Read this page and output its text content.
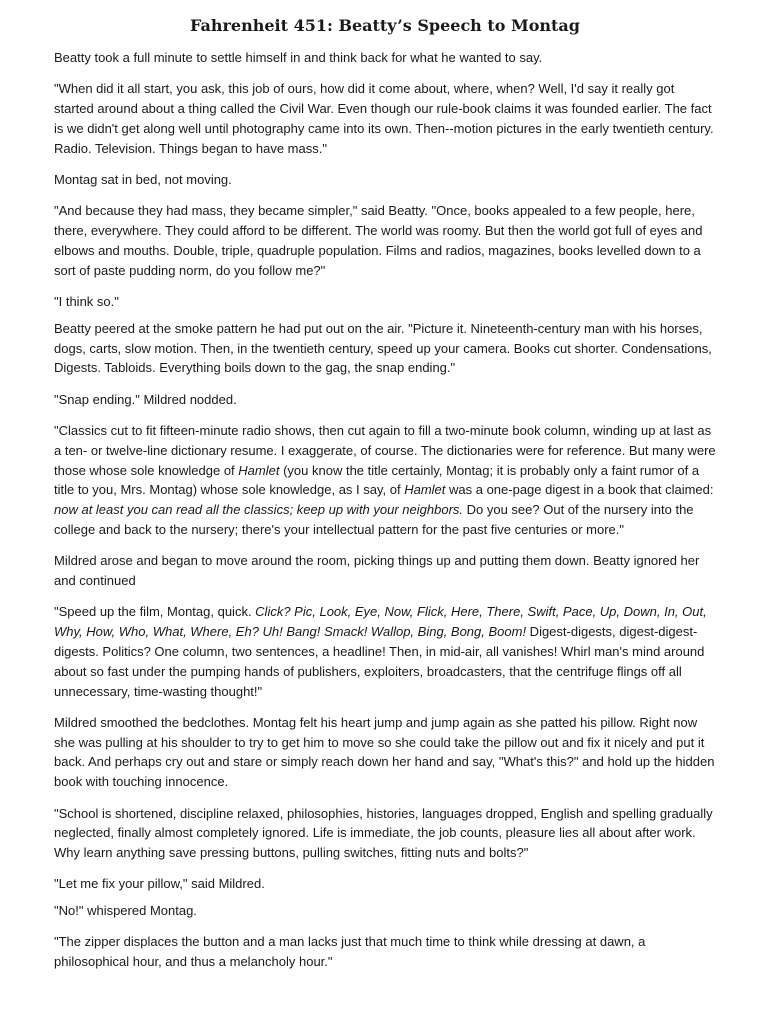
Fahrenheit 451: Beatty’s Speech to Montag

Beatty took a full minute to settle himself in and think back for what he wanted to say.

"When did it all start, you ask, this job of ours, how did it come about, where, when? Well, I'd say it really got started around about a thing called the Civil War. Even though our rule-book claims it was founded earlier. The fact is we didn't get along well until photography came into its own. Then--motion pictures in the early twentieth century. Radio. Television. Things began to have mass."

Montag sat in bed, not moving.

"And because they had mass, they became simpler," said Beatty. "Once, books appealed to a few people, here, there, everywhere. They could afford to be different. The world was roomy. But then the world got full of eyes and elbows and mouths. Double, triple, quadruple population. Films and radios, magazines, books levelled down to a sort of paste pudding norm, do you follow me?"

"I think so."

Beatty peered at the smoke pattern he had put out on the air. "Picture it. Nineteenth-century man with his horses, dogs, carts, slow motion. Then, in the twentieth century, speed up your camera. Books cut shorter. Condensations, Digests. Tabloids. Everything boils down to the gag, the snap ending."

"Snap ending." Mildred nodded.

"Classics cut to fit fifteen-minute radio shows, then cut again to fill a two-minute book column, winding up at last as a ten- or twelve-line dictionary resume. I exaggerate, of course. The dictionaries were for reference. But many were those whose sole knowledge of Hamlet (you know the title certainly, Montag; it is probably only a faint rumor of a title to you, Mrs. Montag) whose sole knowledge, as I say, of Hamlet was a one-page digest in a book that claimed: now at least you can read all the classics; keep up with your neighbors. Do you see? Out of the nursery into the college and back to the nursery; there's your intellectual pattern for the past five centuries or more."

Mildred arose and began to move around the room, picking things up and putting them down. Beatty ignored her and continued

"Speed up the film, Montag, quick. Click? Pic, Look, Eye, Now, Flick, Here, There, Swift, Pace, Up, Down, In, Out, Why, How, Who, What, Where, Eh? Uh! Bang! Smack! Wallop, Bing, Bong, Boom! Digest-digests, digest-digest-digests. Politics? One column, two sentences, a headline! Then, in mid-air, all vanishes! Whirl man's mind around about so fast under the pumping hands of publishers, exploiters, broadcasters, that the centrifuge flings off all unnecessary, time-wasting thought!"

Mildred smoothed the bedclothes. Montag felt his heart jump and jump again as she patted his pillow. Right now she was pulling at his shoulder to try to get him to move so she could take the pillow out and fix it nicely and put it back. And perhaps cry out and stare or simply reach down her hand and say, "What's this?" and hold up the hidden book with touching innocence.

"School is shortened, discipline relaxed, philosophies, histories, languages dropped, English and spelling gradually neglected, finally almost completely ignored. Life is immediate, the job counts, pleasure lies all about after work. Why learn anything save pressing buttons, pulling switches, fitting nuts and bolts?"

"Let me fix your pillow," said Mildred.

"No!" whispered Montag.

"The zipper displaces the button and a man lacks just that much time to think while dressing at dawn, a philosophical hour, and thus a melancholy hour."
